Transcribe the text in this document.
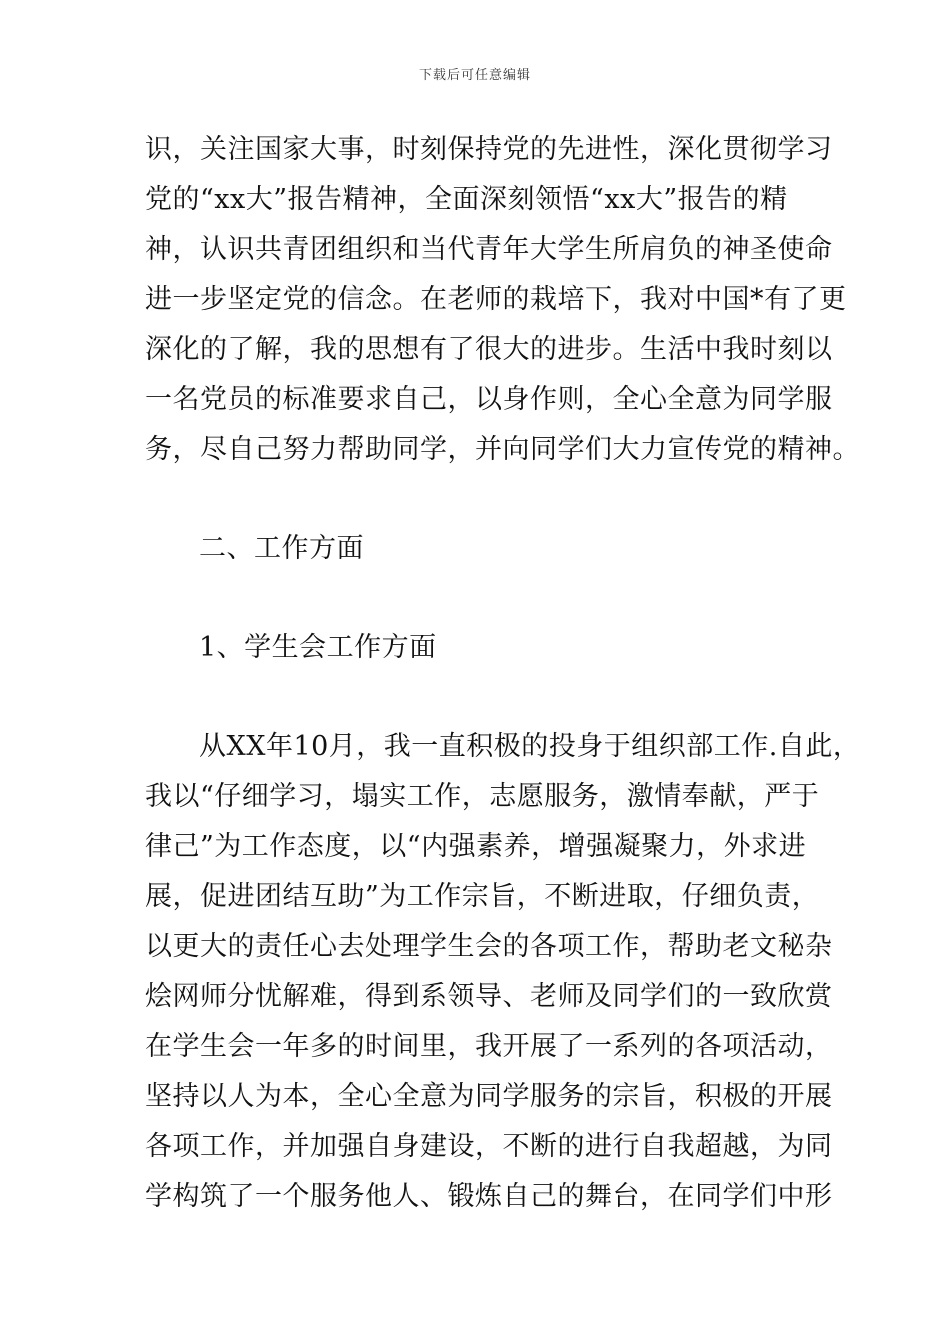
下载后可任意编辑
识，关注国家大事，时刻保持党的先进性，深化贯彻学习
党的“xx大”报告精神，全面深刻领悟“xx大”报告的精
神，认识共青团组织和当代青年大学生所肩负的神圣使命
进一步坚定党的信念。在老师的栽培下，我对中国*有了更
深化的了解，我的思想有了很大的进步。生活中我时刻以
一名党员的标准要求自己，以身作则，全心全意为同学服
务，尽自己努力帮助同学，并向同学们大力宣传党的精神。
二、工作方面
1、学生会工作方面
从XX年10月，我一直积极的投身于组织部工作.自此，
我以“仔细学习，塌实工作，志愿服务，激情奉献，严于
律己”为工作态度，以“内强素养，增强凝聚力，外求进
展，促进团结互助”为工作宗旨，不断进取，仔细负责，
以更大的责任心去处理学生会的各项工作，帮助老文秘杂
烩网师分忧解难，得到系领导、老师及同学们的一致欣赏
在学生会一年多的时间里，我开展了一系列的各项活动，
坚持以人为本，全心全意为同学服务的宗旨，积极的开展
各项工作，并加强自身建设，不断的进行自我超越，为同
学构筑了一个服务他人、锻炼自己的舞台，在同学们中形
